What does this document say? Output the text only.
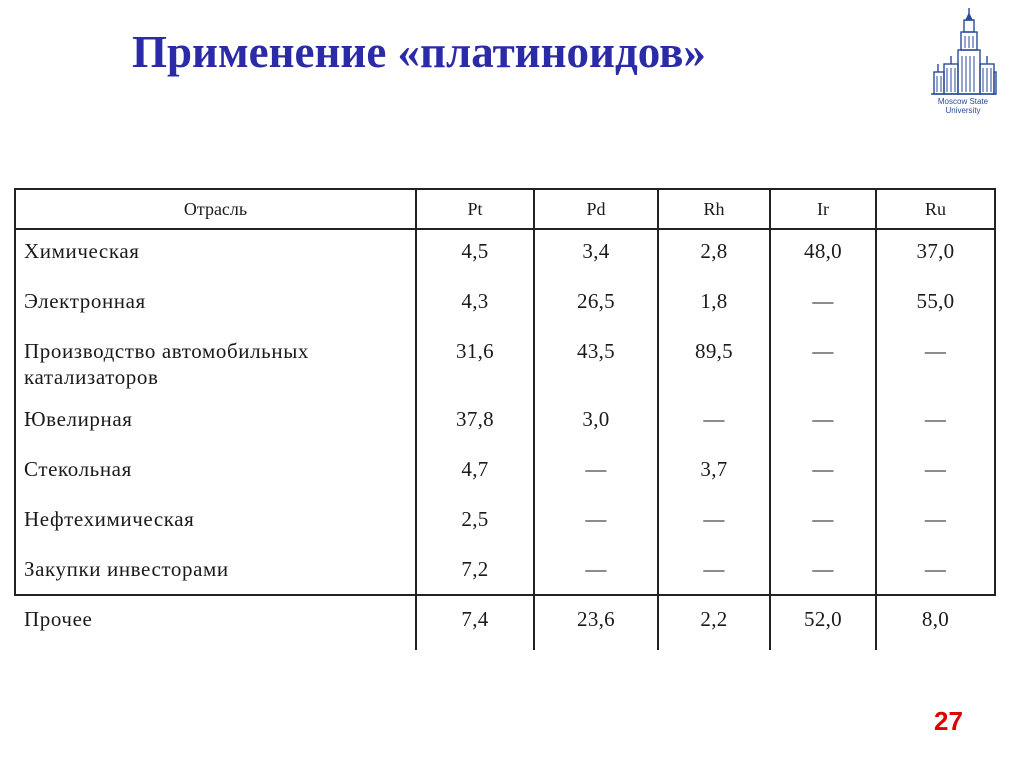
Применение «платиноидов»
Moscow State
University
Отрасль	Pt	Pd	Rh	Ir	Ru
Химическая	4,5	3,4	2,8	48,0	37,0
Электронная	4,3	26,5	1,8	—	55,0
Производство автомобильных катализаторов	31,6	43,5	89,5	—	—
Ювелирная	37,8	3,0	—	—	—
Стекольная	4,7	—	3,7	—	—
Нефтехимическая	2,5	—	—	—	—
Закупки инвесторами	7,2	—	—	—	—
Прочее	7,4	23,6	2,2	52,0	8,0
27
